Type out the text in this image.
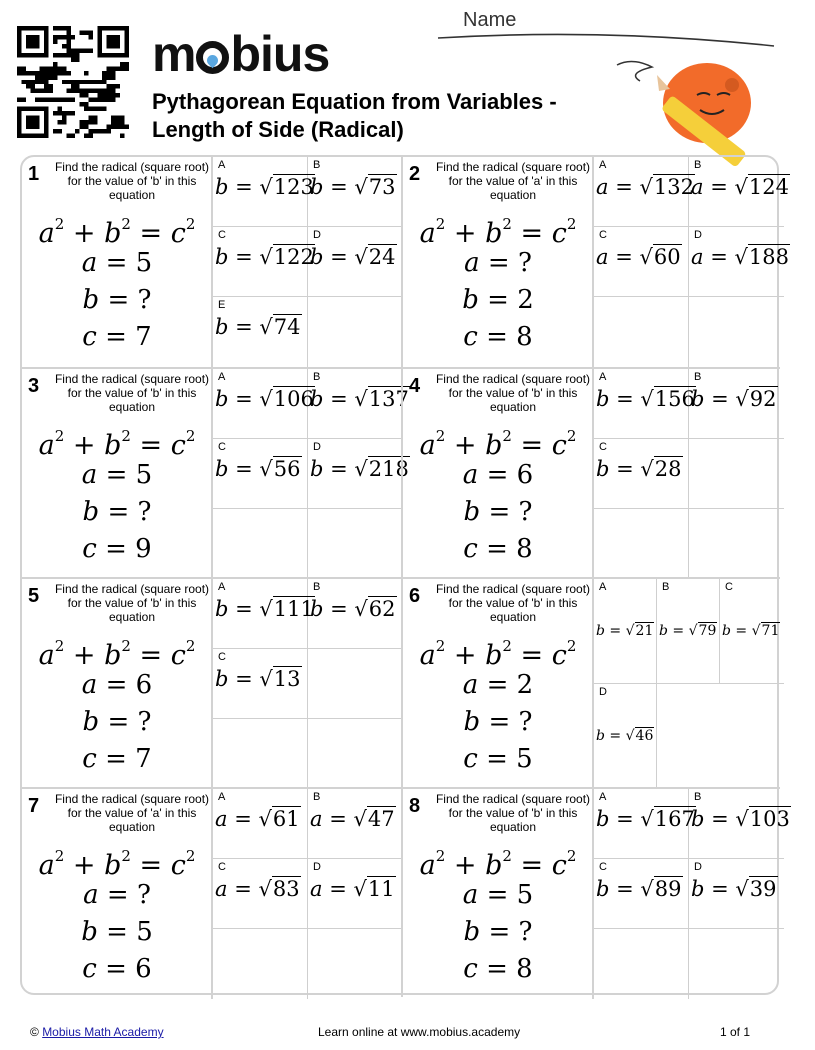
m bius
Pythagorean Equation from Variables -
Length of Side (Radical)
Name
1 Find the radical (square root) for the value of 'b' in this equation
$a^2 + b^2 = c^2$
a = 5
b = ?
c = 7
A
b = √123
B
b = √73
C
b = √122
D
b = √24
E
b = √74
2 Find the radical (square root) for the value of 'a' in this equation
$a^2 + b^2 = c^2$
a = ?
b = 2
c = 8
A
a = √132
B
a = √124
C
a = √60
D
a = √188
3 Find the radical (square root) for the value of 'b' in this equation
$a^2 + b^2 = c^2$
a = 5
b = ?
c = 9
A
b = √106
B
b = √137
C
b = √56
D
b = √218
4 Find the radical (square root) for the value of 'b' in this equation
$a^2 + b^2 = c^2$
a = 6
b = ?
c = 8
A
b = √156
B
b = √92
C
b = √28
5 Find the radical (square root) for the value of 'b' in this equation
$a^2 + b^2 = c^2$
a = 6
b = ?
c = 7
A
b = √111
B
b = √62
C
b = √13
6 Find the radical (square root) for the value of 'b' in this equation
$a^2 + b^2 = c^2$
a = 2
b = ?
c = 5
A
b = √21
B
b = √79
C
b = √71
D
b = √46
7 Find the radical (square root) for the value of 'a' in this equation
$a^2 + b^2 = c^2$
a = ?
b = 5
c = 6
A
a = √61
B
a = √47
C
a = √83
D
a = √11
8 Find the radical (square root) for the value of 'b' in this equation
$a^2 + b^2 = c^2$
a = 5
b = ?
c = 8
A
b = √167
B
b = √103
C
b = √89
D
b = √39
© Mobius Math Academy	Learn online at www.mobius.academy	1 of 1
